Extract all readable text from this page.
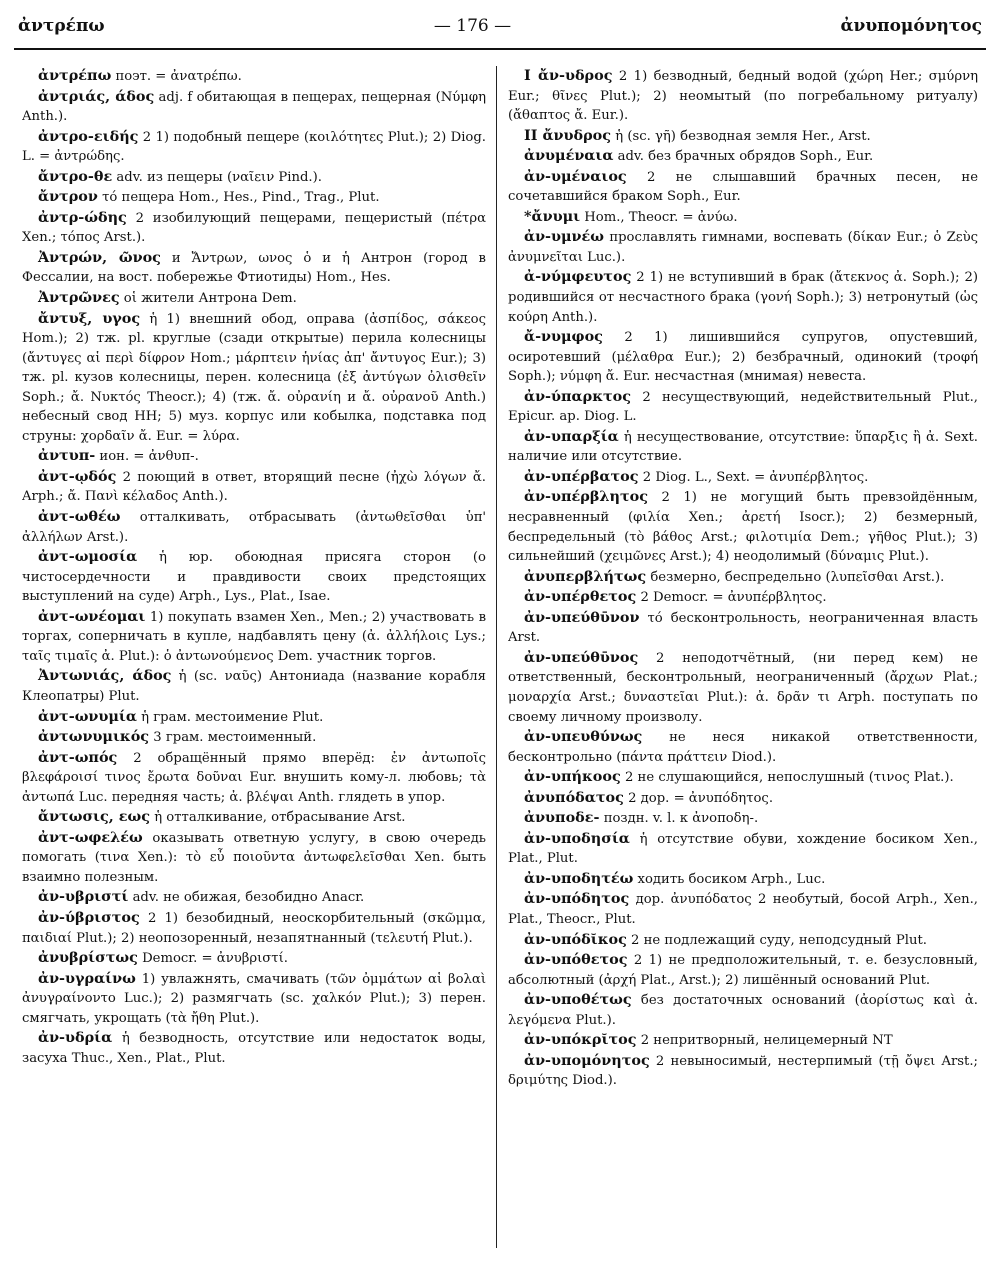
ἀντρέπω	— 176 —	ἀνυπομόνητος

ἀντρέπω поэт. = ἀνατρέπω.

ἀντριάς, άδος adj. f обитающая в пещерах, пещерная (Νύμφη Anth.).

ἀντρο-ειδής 2 1) подобный пещере (κοιλότητες Plut.); 2) Diog. L. = ἀντρώδης.

ἄντρο-θε adv. из пещеры (ναῖειν Pind.).

ἄντρον τό пещера Hom., Hes., Pind., Trag., Plut.

ἀντρ-ώδης 2 изобилующий пещерами, пещеристый (πέτρα Xen.; τόπος Arst.).

Ἀντρών, ῶνος и Ἄντρων, ωνος ὁ и ἡ Антрон (город в Фессалии, на вост. побережье Фтиотиды) Hom., Hes.

Ἀντρῶνες οἱ жители Антрона Dem.

ἄντυξ, υγος ἡ 1) внешний обод, оправа (ἀσπίδος, σάκεος Hom.); 2) тж. pl. круглые (сзади открытые) перила колесницы (ἄντυγες αἱ περὶ δίφρον Hom.; μάρπτειν ἡνίας ἀπ' ἄντυγος Eur.); 3) тж. pl. кузов колесницы, перен. колесница (ἐξ ἀντύγων ὀλισθεῖν Soph.; ἄ. Νυκτός Theocr.); 4) (тж. ἄ. οὐρανίη и ἄ. οὐρανοῦ Anth.) небесный свод HH; 5) муз. корпус или кобылка, подставка под струны: χορδαῖν ἄ. Eur. = λύρα.

ἀντυπ- ион. = ἀνθυπ-.

ἀντ-ῳδός 2 поющий в ответ, вторящий песне (ἠχὼ λόγων ἄ. Arph.; ἄ. Πανὶ κέλαδος Anth.).

ἀντ-ωθέω отталкивать, отбрасывать (ἀντωθεῖσθαι ὑπ' ἀλλήλων Arst.).

ἀντ-ωμοσία ἡ юр. обоюдная присяга сторон (о чистосердечности и правдивости своих предстоящих выступлений на суде) Arph., Lys., Plat., Isae.

ἀντ-ωνέομαι 1) покупать взамен Xen., Men.; 2) участвовать в торгах, соперничать в купле, надбавлять цену (ἀ. ἀλλήλοις Lys.; ταῖς τιμαῖς ἀ. Plut.): ὁ ἀντωνούμενος Dem. участник торгов.

Ἀντωνιάς, άδος ἡ (sc. ναῦς) Антониада (название корабля Клеопатры) Plut.

ἀντ-ωνυμία ἡ грам. местоимение Plut.

ἀντωνυμικός 3 грам. местоименный.

ἀντ-ωπός 2 обращённый прямо вперёд: ἐν ἀντωποῖς βλεφάροισί τινος ἔρωτα δοῦναι Eur. внушить кому-л. любовь; τὰ ἀντωπά Luc. передняя часть; ἀ. βλέψαι Anth. глядеть в упор.

ἄντωσις, εως ἡ отталкивание, отбрасывание Arst.

ἀντ-ωφελέω оказывать ответную услугу, в свою очередь помогать (τινα Xen.): τὸ εὖ ποιοῦντα ἀντωφελεῖσθαι Xen. быть взаимно полезным.

ἀν-υβριστί adv. не обижая, безобидно Anacr.

ἀν-ύβριστος 2 1) безобидный, неоскорбительный (σκῶμμα, παιδιαί Plut.); 2) неопозоренный, незапятнанный (τελευτή Plut.).

ἀνυβρίστως Democr. = ἀνυβριστί.

ἀν-υγραίνω 1) увлажнять, смачивать (τῶν ὀμμάτων αἱ βολαὶ ἀνυγραίνοντο Luc.); 2) размягчать (sc. χαλκόν Plut.); 3) перен. смягчать, укрощать (τὰ ἤθη Plut.).

ἀν-υδρία ἡ безводность, отсутствие или недостаток воды, засуха Thuc., Xen., Plat., Plut.

I ἄν-υδρος 2 1) безводный, бедный водой (χώρη Her.; σμύρνη Eur.; θῖνες Plut.); 2) неомытый (по погребальному ритуалу) (ἄθαπτος ἄ. Eur.).

II ἄνυδρος ἡ (sc. γῆ) безводная земля Her., Arst.

ἀνυμέναια adv. без брачных обрядов Soph., Eur.

ἀν-υμέναιος 2 не слышавший брачных песен, не сочетавшийся браком Soph., Eur.

*ἄνυμι Hom., Theocr. = ἀνύω.

ἀν-υμνέω прославлять гимнами, воспевать (δίκαν Eur.; ὁ Ζεὺς ἀνυμνεῖται Luc.).

ἀ-νύμφευτος 2 1) не вступивший в брак (ἄτεκνος ἀ. Soph.); 2) родившийся от несчастного брака (γονή Soph.); 3) нетронутый (ὡς κούρη Anth.).

ἄ-νυμφος 2 1) лишившийся супругов, опустевший, осиротевший (μέλαθρα Eur.); 2) безбрачный, одинокий (τροφή Soph.); νύμφη ἄ. Eur. несчастная (мнимая) невеста.

ἀν-ύπαρκτος 2 несуществующий, недействительный Plut., Epicur. ap. Diog. L.

ἀν-υπαρξία ἡ несуществование, отсутствие: ὕπαρξις ἢ ἀ. Sext. наличие или отсутствие.

ἀν-υπέρβατος 2 Diog. L., Sext. = ἀνυπέρβλητος.

ἀν-υπέρβλητος 2 1) не могущий быть превзойдённым, несравненный (φιλία Xen.; ἀρετή Isocr.); 2) безмерный, беспредельный (τὸ βάθος Arst.; φιλοτιμία Dem.; γῆθος Plut.); 3) сильнейший (χειμῶνες Arst.); 4) неодолимый (δύναμις Plut.).

ἀνυπερβλήτως безмерно, беспредельно (λυπεῖσθαι Arst.).

ἀν-υπέρθετος 2 Democr. = ἀνυπέρβλητος.

ἀν-υπεύθῡνον τό бесконтрольность, неограниченная власть Arst.

ἀν-υπεύθῡνος 2 неподотчётный, (ни перед кем) не ответственный, бесконтрольный, неограниченный (ἄρχων Plat.; μοναρχία Arst.; δυναστεῖαι Plut.): ἀ. δρᾶν τι Arph. поступать по своему личному произволу.

ἀν-υπευθύνως не неся никакой ответственности, бесконтрольно (πάντα πράττειν Diod.).

ἀν-υπήκοος 2 не слушающийся, непослушный (τινος Plat.).

ἀνυπόδατος 2 дор. = ἀνυπόδητος.

ἀνυποδε- поздн. v. l. к ἀνοποδη-.

ἀν-υποδησία ἡ отсутствие обуви, хождение босиком Xen., Plat., Plut.

ἀν-υποδητέω ходить босиком Arph., Luc.

ἀν-υπόδητος дор. ἀνυπόδατος 2 необутый, босой Arph., Xen., Plat., Theocr., Plut.

ἀν-υπόδῐκος 2 не подлежащий суду, неподсудный Plut.

ἀν-υπόθετος 2 1) не предположительный, т. е. безусловный, абсолютный (ἀρχή Plat., Arst.); 2) лишённый оснований Plut.

ἀν-υποθέτως без достаточных оснований (ἀορίστως καὶ ἀ. λεγόμενα Plut.).

ἀν-υπόκρῐτος 2 непритворный, нелицемерный NT

ἀν-υπομόνητος 2 невыносимый, нестерпимый (τῇ ὄψει Arst.; δριμύτης Diod.).
